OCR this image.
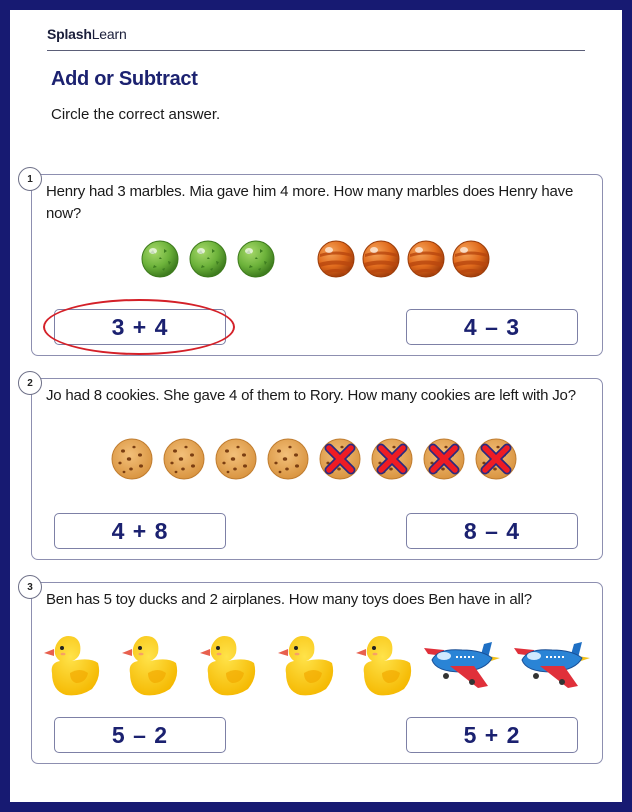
SplashLearn
Add or Subtract
Circle the correct answer.
1
Henry had 3 marbles. Mia gave him 4 more. How many marbles does Henry have now?
3 + 4	4 – 3
2
Jo had 8 cookies. She gave 4 of them to Rory. How many cookies are left with Jo?
4 + 8	8 – 4
3
Ben has 5 toy ducks and 2 airplanes. How many toys does Ben have in all?
5 – 2	5 + 2
